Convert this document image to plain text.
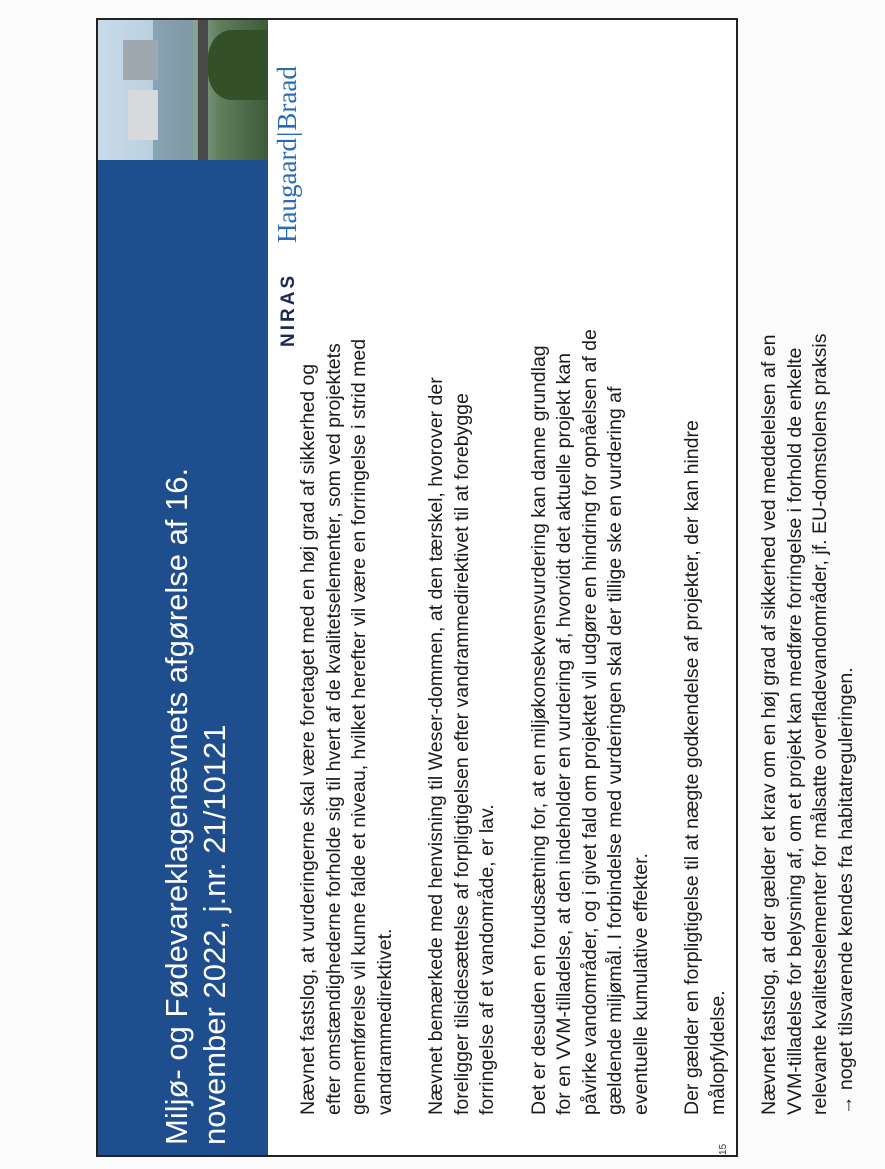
Miljø- og Fødevareklagenævnets afgørelse af 16. november 2022, j.nr. 21/10121
NIRAS
Haugaard|Braad

Nævnet fastslog, at vurderingerne skal være foretaget med en høj grad af sikkerhed og efter omstændighederne forholde sig til hvert af de kvalitetselementer, som ved projektets gennemførelse vil kunne falde et niveau, hvilket herefter vil være en forringelse i strid med vandrammedirektivet. Nævnet bemærkede med henvisning til Weser-dommen, at den tærskel, hvorover der foreligger tilsidesættelse af forpligtigelsen efter vandrammedirektivet til at forebygge forringelse af et vandområde, er lav. Det er desuden en forudsætning for, at en miljøkonsekvensvurdering kan danne grundlag for en VVM-tilladelse, at den indeholder en vurdering af, hvorvidt det aktuelle projekt kan påvirke vandområder, og i givet fald om projektet vil udgøre en hindring for opnåelsen af de gældende miljømål. I forbindelse med vurderingen skal der tillige ske en vurdering af eventuelle kumulative effekter. Der gælder en forpligtigelse til at nægte godkendelse af projekter, der kan hindre målopfyldelse. Nævnet fastslog, at der gælder et krav om en høj grad af sikkerhed ved meddelelsen af en VVM-tilladelse for belysning af, om et projekt kan medføre forringelse i forhold de enkelte relevante kvalitetselementer for målsatte overfladevandområder, jf. EU-domstolens praksis → noget tilsvarende kendes fra habitatreguleringen.

15
